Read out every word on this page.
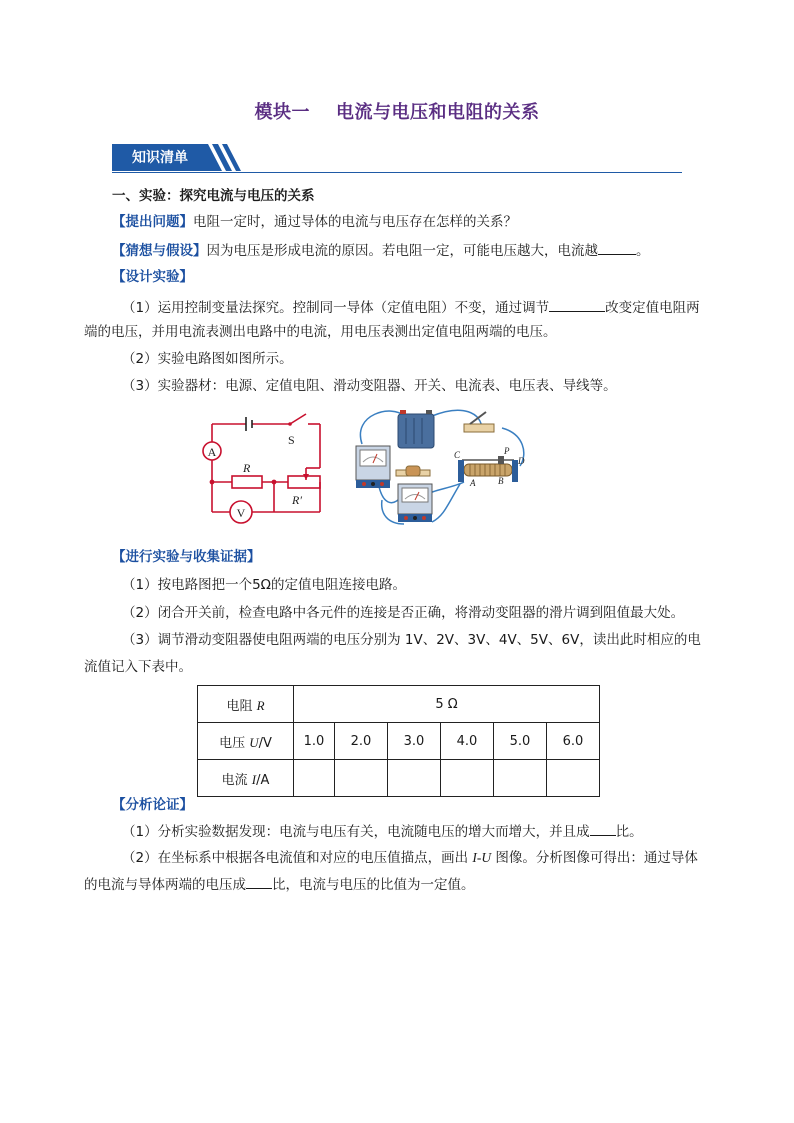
模块一 电流与电压和电阻的关系
知识清单
一、实验：探究电流与电压的关系
【提出问题】电阻一定时，通过导体的电流与电压存在怎样的关系？
【猜想与假设】因为电压是形成电流的原因。若电阻一定，可能电压越大，电流越	。
【设计实验】
（1）运用控制变量法探究。控制同一导体（定值电阻）不变，通过调节	改变定值电阻两
端的电压，并用电流表测出电路中的电流，用电压表测出定值电阻两端的电压。
（2）实验电路图如图所示。
（3）实验器材：电源、定值电阻、滑动变阻器、开关、电流表、电压表、导线等。
A
V
R
S
R′
C	P
D
A	B
【进行实验与收集证据】
（1）按电路图把一个5Ω的定值电阻连接电路。
（2）闭合开关前，检查电路中各元件的连接是否正确，将滑动变阻器的滑片调到阻值最大处。
（3）调节滑动变阻器使电阻两端的电压分别为 1V、2V、3V、4V、5V、6V，读出此时相应的电
流值记入下表中。
电阻 R	5 Ω					
电压 U/V	1.0	2.0	3.0	4.0	5.0	6.0
电流 I/A						
【分析论证】
（1）分析实验数据发现：电流与电压有关，电流随电压的增大而增大，并且成 比。
（2）在坐标系中根据各电流值和对应的电压值描点，画出 I-U 图像。分析图像可得出：通过导体
的电流与导体两端的电压成 比，电流与电压的比值为一定值。
